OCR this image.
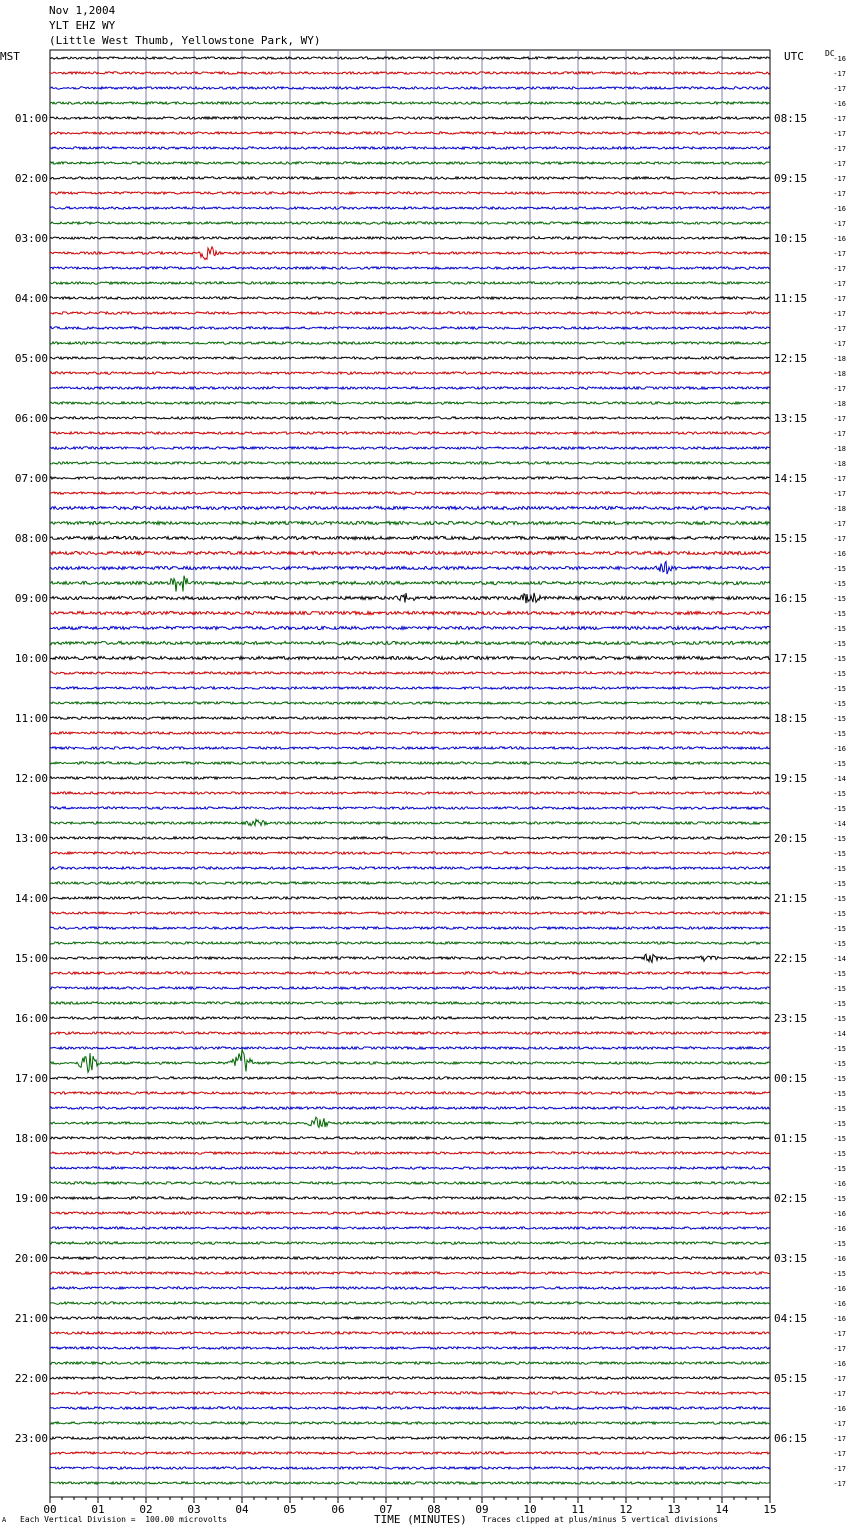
Nov 1,2004
YLT EHZ WY
(Little West Thumb, Yellowstone Park, WY)
MST	UTC	DC
00	01	02	03	04	05	06	07	08	09	10	11	12	13	14	15
-16
-17
-17
-16
-17
-17
-17
-17
-17
-17
-16
-17
-16
-17
-17
-17
-17
-17
-17
-17
-18
-18
-17
-18
-17
-17
-18
-18
-17
-17
-18
-17
-17
-16
-15
-15
-15
-15
-15
-15
-15
-15
-15
-15
-15
-15
-16
-15
-14
-15
-15
-14
-15
-15
-15
-15
-15
-15
-15
-15
-14
-15
-15
-15
-15
-14
-15
-15
-15
-15
-15
-15
-15
-15
-15
-16
-15
-16
-16
-15
-16
-15
-16
-16
-16
-17
-17
-16
-17
-17
-16
-17
-17
-17
-17
-17
01:00	08:15
02:00	09:15
03:00	10:15
04:00	11:15
05:00	12:15
06:00	13:15
07:00	14:15
08:00	15:15
09:00	16:15
10:00	17:15
11:00	18:15
12:00	19:15
13:00	20:15
14:00	21:15
15:00	22:15
16:00	23:15
17:00	00:15
18:00	01:15
19:00	02:15
20:00	03:15
21:00	04:15
22:00	05:15
23:00	06:15
A Each Vertical Division =  100.00 microvolts	TIME (MINUTES) Traces clipped at plus/minus 5 vertical divisions
